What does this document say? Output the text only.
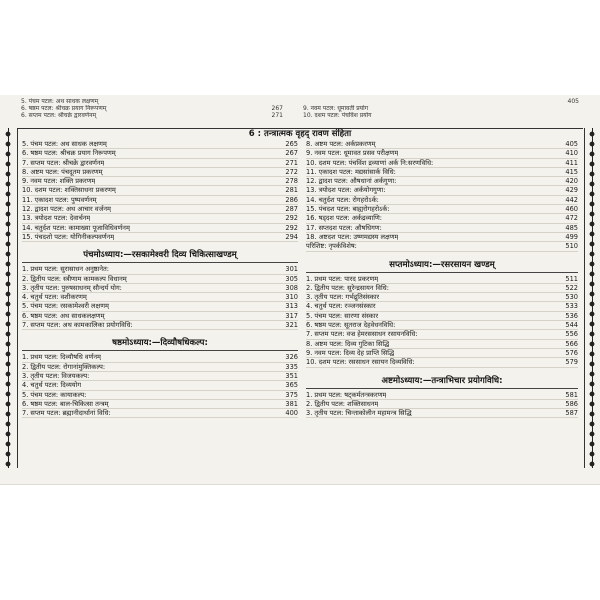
5. पंचम पटल: अथ साधक लक्षणम्
6. षष्ठम पटल: श्रीचक्र प्रयाग निरूपणम्	267
6. सप्तम पटल: श्रीचक्रे द्वारवर्णनम्	271
405
9. नवम पटल: धूमावती प्रयोग
10. दशम पटल: पंचविंश प्रयोग
6 : तन्त्रात्मक वृहद् रावण संहिता
5. पंचम पटल: अथ साधक लक्षणम्	265
6. षष्ठम पटल: श्रीचक्र प्रयाग निरूपणम्	267
7. सप्तम पटल: श्रीचक्रे द्वारवर्णनम्	271
8. अष्टम पटल: पंचदूतम प्रकरणम्	272
9. नवम पटल: शक्ति प्रकरणम्	278
10. दशम पटल: शक्तिसाधना प्रकरणम्	281
11. एकादश पटल: पुष्पवर्णनम्	286
12. द्वादश पटल: अथ आचार वर्जनम्	287
13. त्रयोदश पटल: देवार्चनम्	292
14. चतुर्दश पटल: कामाख्या पूजाविधिवर्णनम्	292
15. पंचदशो पटल: योगिनीकल्पवर्णनम्	294
पंचमोऽध्याय:—रसकामेश्वरी दिव्य चिकित्साखण्डम्
1. प्रथम पटल: सुरासाधन अनुष्ठानेत:	301
2. द्वितीय पटल: स्त्रीणाम कामकल्प विधानम्	305
3. तृतीय पटल: पुरुषसाधनम् सौन्दर्य योग:	308
4. चतुर्थ पटल: वशीकरणम्	310
5. पंचम पटल: रसकामेश्वरी लक्षणम्	313
6. षष्ठम पटल: अथ साधकलक्षणम्	317
7. सप्तम पटल: अथ कामकालिका प्रयोगविधि:	321
षष्ठमोऽध्याय:—दिव्यौषधिकल्प:
1. प्रथम पटल: दिव्यौषधि वर्णनम्	326
2. द्वितीय पटल: रोगानांमुक्तिकल्प:	335
3. तृतीय पटल: विजयकल्प:	351
4. चतुर्थ पटल: दिव्ययोग	365
5. पंचम पटल: कायाकल्प:	375
6. षष्ठम पटल: बाल-चिकित्सा तन्त्रम्	381
7. सप्तम पटल: ब्रह्मानीदार्थानां विधि:	400
8. अष्टम पटल: अर्कप्रकरणम्	405
9. नवम पटल: धूमावत प्रसव परीक्षणम्	410
10. दशम पटल: पंचविंश द्रव्याणां अर्क नि:सरणविधि:	411
11. एकादश पटल: मद्यसांसार्क विधि:	415
12. द्वादश पटल: औषधानां अर्कगुणा:	420
13. त्रयोदश पटल: अर्कयोगगुणा:	429
14. चतुर्दश पटल: रोगहरोऽर्क:	442
15. पंचदश पटल: बाह्यरोगहरोऽर्क:	460
16. षड्दश पटल: अर्कद्रव्याणि:	472
17. सप्तदश पटल: औषधिगण:	485
18. अष्टदश पटल: उष्णमद्यस्य लक्षणम्	499
परिशिष्ट: नृपर्कविशेष:	510
सप्तमोऽध्याय:—रसरसायन खण्डम्
1. प्रथम पटल: पारद प्रकरणम्	511
2. द्वितीय पटल: सुरेन्द्रसायन विधि:	522
3. तृतीय पटल: गर्भद्रुतिसंस्कार	530
4. चतुर्थ पटल: रञ्जनसंस्कार	533
5. पंचम पटल: सारणा संस्कार	536
6. षष्ठम पटल: सूतराज देहवेधनविधि:	544
7. सप्तम पटल: वज्र हेमरससाधन रसायनविधि:	556
8. अष्टम पटल: दिव्य गुटिका सिद्धि	566
9. नवम पटल: दिव्य देह प्राप्ति सिद्धि	576
10. दशम पटल: रससाधन रसायन दिव्यविधि:	579
अष्टमोऽध्याय:—तन्त्राभिचार प्रयोगविधि:
1. प्रथम पटल: षट्कर्मतन्त्रकरणम्	581
2. द्वितीय पटल: शक्तिसाधनम्	586
3. तृतीय पटल: चिन्ताकोलीन महामन्त्र सिद्धि	587
